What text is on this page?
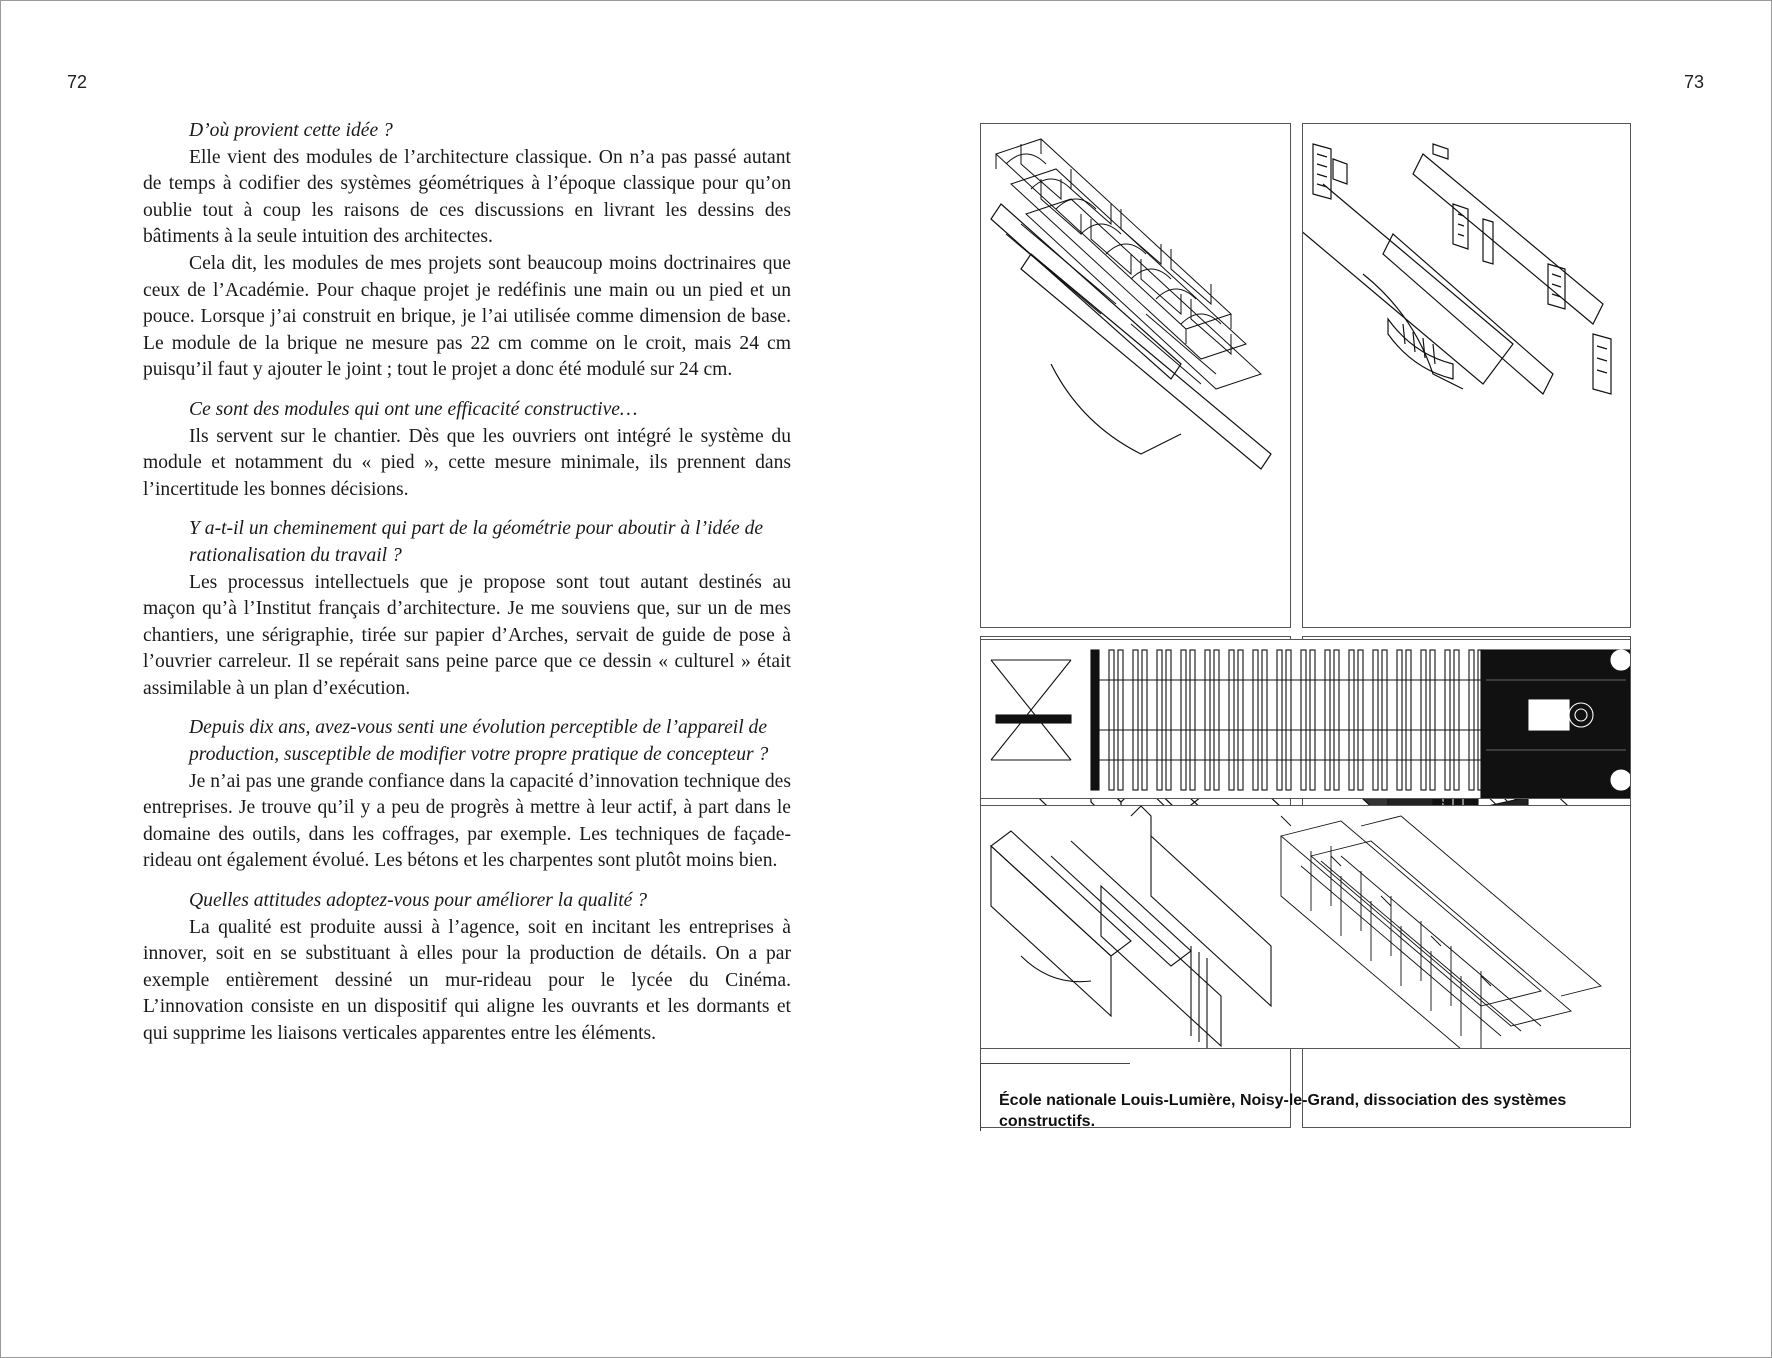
72	73

D’où provient cette idée ?

Elle vient des modules de l’architecture classique. On n’a pas passé autant de temps à codifier des systèmes géométriques à l’époque classique pour qu’on oublie tout à coup les raisons de ces discussions en livrant les dessins des bâtiments à la seule intuition des architectes.

Cela dit, les modules de mes projets sont beaucoup moins doctrinaires que ceux de l’Académie. Pour chaque projet je redéfinis une main ou un pied et un pouce. Lorsque j’ai construit en brique, je l’ai utilisée comme dimension de base. Le module de la brique ne mesure pas 22 cm comme on le croit, mais 24 cm puisqu’il faut y ajouter le joint ; tout le projet a donc été modulé sur 24 cm.

Ce sont des modules qui ont une efficacité constructive…

Ils servent sur le chantier. Dès que les ouvriers ont intégré le système du module et notamment du « pied », cette mesure minimale, ils prennent dans l’incertitude les bonnes décisions.

Y a-t-il un cheminement qui part de la géométrie pour aboutir à l’idée de rationalisation du travail ?

Les processus intellectuels que je propose sont tout autant destinés au maçon qu’à l’Institut français d’architecture. Je me souviens que, sur un de mes chantiers, une sérigraphie, tirée sur papier d’Arches, servait de guide de pose à l’ouvrier carreleur. Il se repérait sans peine parce que ce dessin « culturel » était assimilable à un plan d’exécution.

Depuis dix ans, avez-vous senti une évolution perceptible de l’appareil de production, susceptible de modifier votre propre pratique de concepteur ?

Je n’ai pas une grande confiance dans la capacité d’innovation technique des entreprises. Je trouve qu’il y a peu de progrès à mettre à leur actif, à part dans le domaine des outils, dans les coffrages, par exemple. Les techniques de façade-rideau ont également évolué. Les bétons et les charpentes sont plutôt moins bien.

Quelles attitudes adoptez-vous pour améliorer la qualité ?

La qualité est produite aussi à l’agence, soit en incitant les entreprises à innover, soit en se substituant à elles pour la production de détails. On a par exemple entièrement dessiné un mur-rideau pour le lycée du Cinéma. L’innovation consiste en un dispositif qui aligne les ouvrants et les dormants et qui supprime les liaisons verticales apparentes entre les éléments.

École nationale Louis-Lumière, Noisy-le-Grand, dissociation des systèmes constructifs.
